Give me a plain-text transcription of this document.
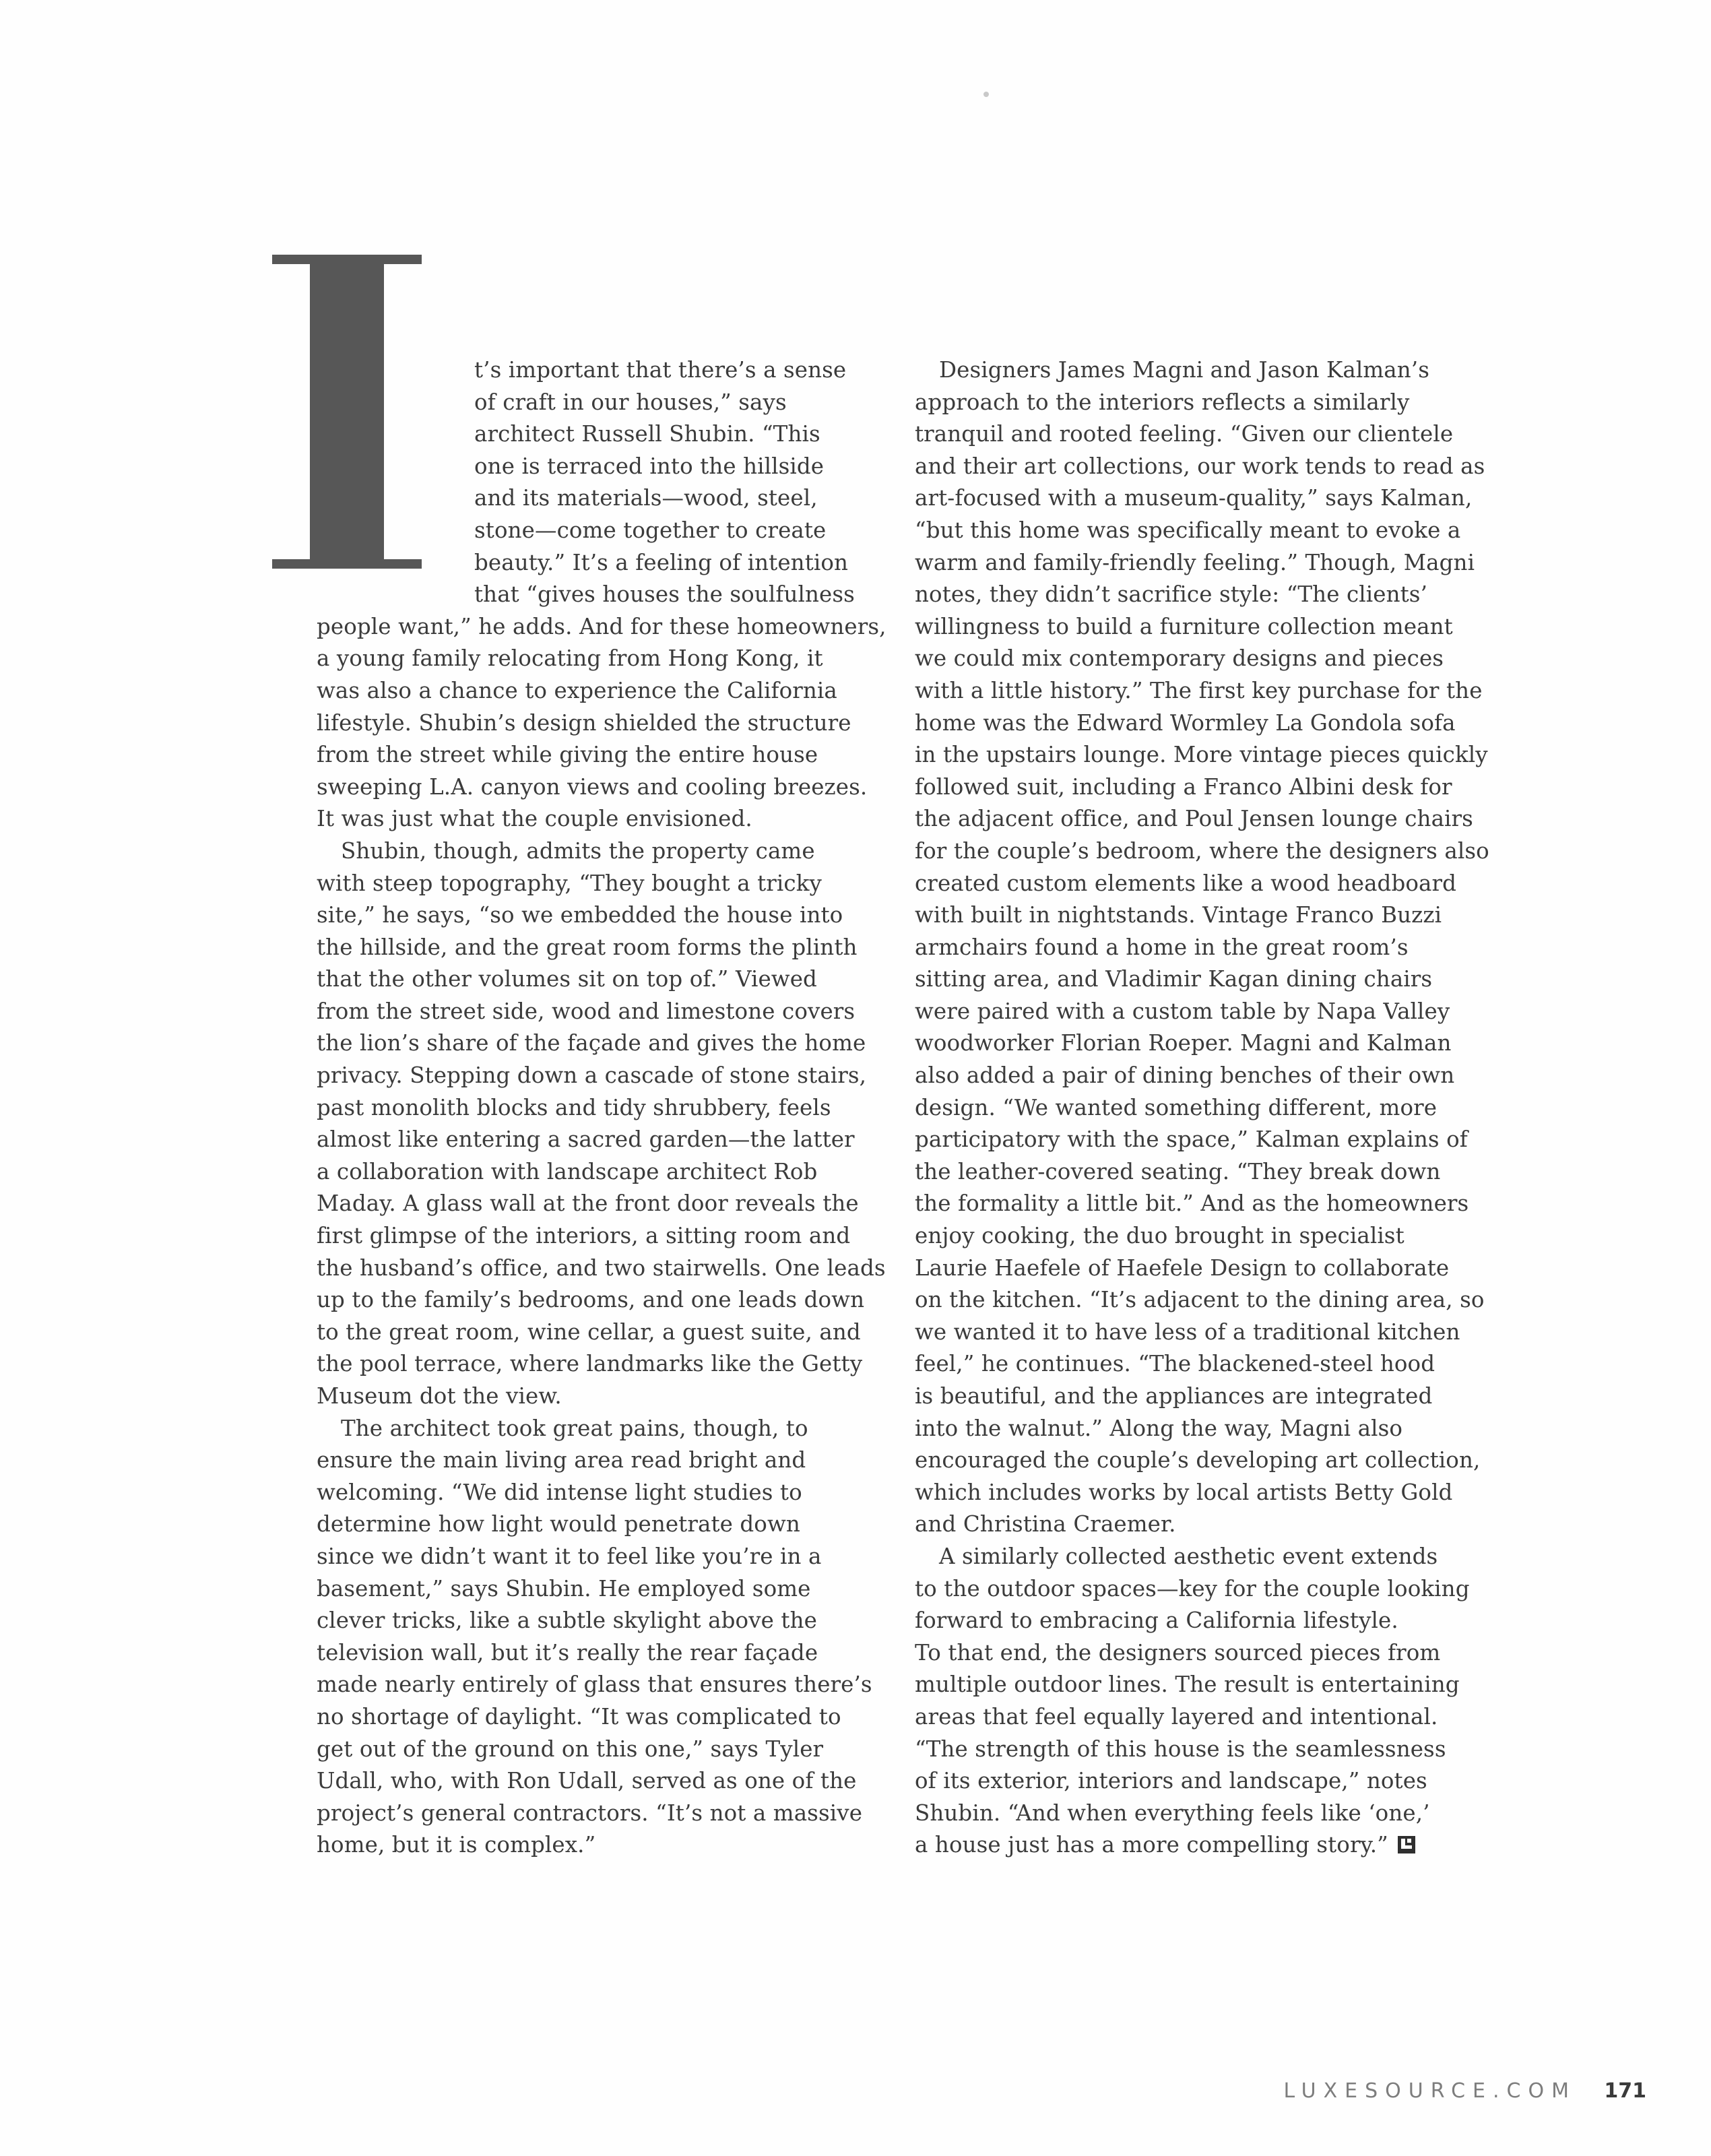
t’s important that there’s a sense
of craft in our houses,” says
architect Russell Shubin. “This
one is terraced into the hillside
and its materials—wood, steel,
stone—come together to create
beauty.” It’s a feeling of intention
that “gives houses the soulfulness
people want,” he adds. And for these homeowners,
a young family relocating from Hong Kong, it
was also a chance to experience the California
lifestyle. Shubin’s design shielded the structure
from the street while giving the entire house
sweeping L.A. canyon views and cooling breezes.
It was just what the couple envisioned.
Shubin, though, admits the property came
with steep topography, “They bought a tricky
site,” he says, “so we embedded the house into
the hillside, and the great room forms the plinth
that the other volumes sit on top of.” Viewed
from the street side, wood and limestone covers
the lion’s share of the façade and gives the home
privacy. Stepping down a cascade of stone stairs,
past monolith blocks and tidy shrubbery, feels
almost like entering a sacred garden—the latter
a collaboration with landscape architect Rob
Maday. A glass wall at the front door reveals the
first glimpse of the interiors, a sitting room and
the husband’s office, and two stairwells. One leads
up to the family’s bedrooms, and one leads down
to the great room, wine cellar, a guest suite, and
the pool terrace, where landmarks like the Getty
Museum dot the view.
The architect took great pains, though, to
ensure the main living area read bright and
welcoming. “We did intense light studies to
determine how light would penetrate down
since we didn’t want it to feel like you’re in a
basement,” says Shubin. He employed some
clever tricks, like a subtle skylight above the
television wall, but it’s really the rear façade
made nearly entirely of glass that ensures there’s
no shortage of daylight. “It was complicated to
get out of the ground on this one,” says Tyler
Udall, who, with Ron Udall, served as one of the
project’s general contractors. “It’s not a massive
home, but it is complex.”
Designers James Magni and Jason Kalman’s
approach to the interiors reflects a similarly
tranquil and rooted feeling. “Given our clientele
and their art collections, our work tends to read as
art-focused with a museum-quality,” says Kalman,
“but this home was specifically meant to evoke a
warm and family-friendly feeling.” Though, Magni
notes, they didn’t sacrifice style: “The clients’
willingness to build a furniture collection meant
we could mix contemporary designs and pieces
with a little history.” The first key purchase for the
home was the Edward Wormley La Gondola sofa
in the upstairs lounge. More vintage pieces quickly
followed suit, including a Franco Albini desk for
the adjacent office, and Poul Jensen lounge chairs
for the couple’s bedroom, where the designers also
created custom elements like a wood headboard
with built in nightstands. Vintage Franco Buzzi
armchairs found a home in the great room’s
sitting area, and Vladimir Kagan dining chairs
were paired with a custom table by Napa Valley
woodworker Florian Roeper. Magni and Kalman
also added a pair of dining benches of their own
design. “We wanted something different, more
participatory with the space,” Kalman explains of
the leather-covered seating. “They break down
the formality a little bit.” And as the homeowners
enjoy cooking, the duo brought in specialist
Laurie Haefele of Haefele Design to collaborate
on the kitchen. “It’s adjacent to the dining area, so
we wanted it to have less of a traditional kitchen
feel,” he continues. “The blackened-steel hood
is beautiful, and the appliances are integrated
into the walnut.” Along the way, Magni also
encouraged the couple’s developing art collection,
which includes works by local artists Betty Gold
and Christina Craemer.
A similarly collected aesthetic event extends
to the outdoor spaces—key for the couple looking
forward to embracing a California lifestyle.
To that end, the designers sourced pieces from
multiple outdoor lines. The result is entertaining
areas that feel equally layered and intentional.
“The strength of this house is the seamlessness
of its exterior, interiors and landscape,” notes
Shubin. “And when everything feels like ‘one,’
a house just has a more compelling story.”
LUXESOURCE.COM 171
